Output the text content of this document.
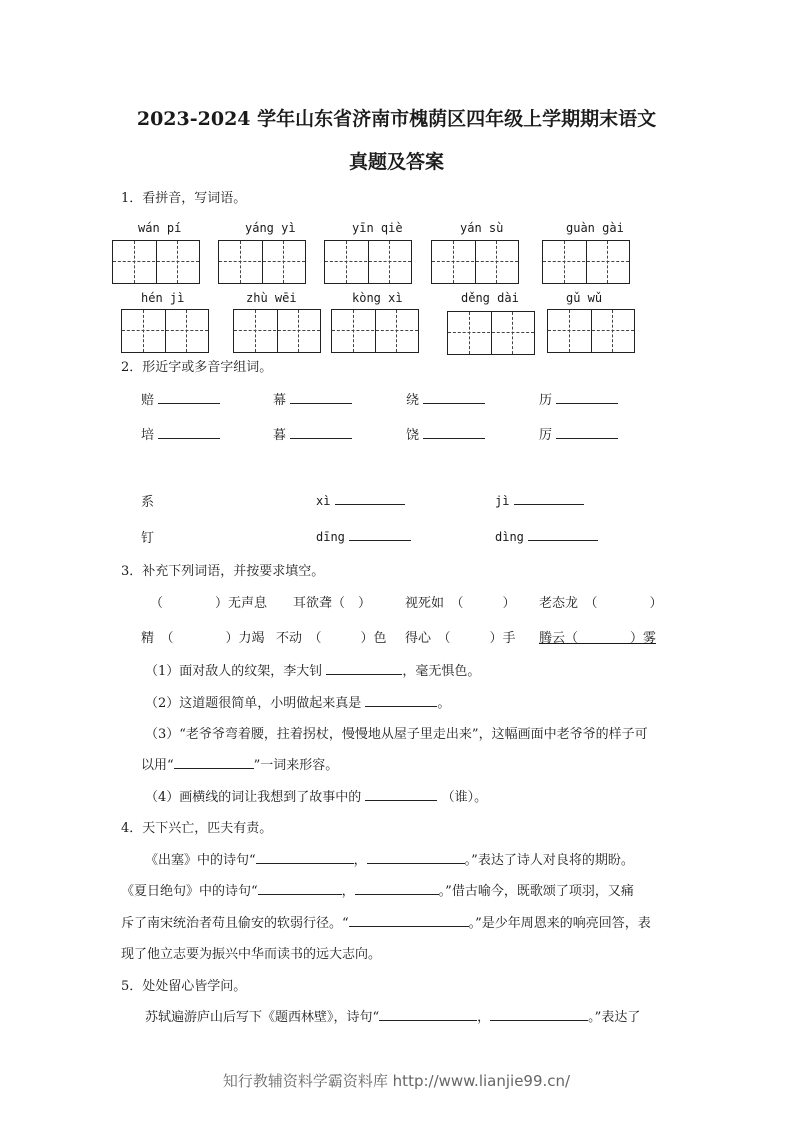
2023-2024 学年山东省济南市槐荫区四年级上学期期末语文
真题及答案
1．看拼音，写词语。
wán pí	yáng yì	yīn qiè	yán sù	guàn gài
hén jì	zhù wēi	kòng xì	děng dài	gǔ wǔ
2．形近字或多音字组词。
赔	幕	绕	历
培	暮	饶	厉
系	xì	jì
钉	dīng	dìng
3．补充下列词语，并按要求填空。
（　　　　）无声息 耳欲聋（　）	视死如　（　　　） 老态龙　（　　　　）
精　（　　　　）力竭 不动　（　　　）色 得心　（　　　）手 腾云（　　　　）雾
（1）面对敌人的纹架，李大钊	，毫无惧色。
（2）这道题很简单，小明做起来真是	。
（3）“老爷爷弯着腰，拄着拐杖，慢慢地从屋子里走出来”，这幅画面中老爷爷的样子可
以用“	”一词来形容。
（4）画横线的词让我想到了故事中的	（谁）。
4．天下兴亡，匹夫有责。
《出塞》中的诗句“	，	。”表达了诗人对良将的期盼。
《夏日绝句》中的诗句“	，	。”借古喻今，既歌颂了项羽，又痛
斥了南宋统治者苟且偷安的软弱行径。“	。”是少年周恩来的响亮回答，表
现了他立志要为振兴中华而读书的远大志向。
5．处处留心皆学问。
苏轼遍游庐山后写下《题西林壁》，诗句“	，	。”表达了
知行教辅资料学霸资料库 http://www.lianjie99.cn/
